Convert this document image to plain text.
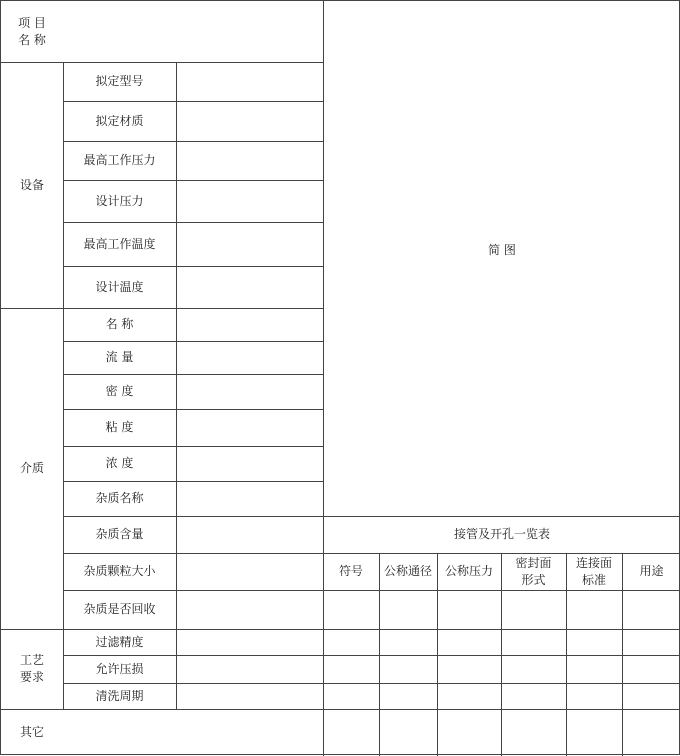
项 目
名 称
设备
介质
工艺
要求
其它
拟定型号
拟定材质
最高工作压力
设计压力
最高工作温度
设计温度
名 称
流 量
密 度
粘 度
浓 度
杂质名称
杂质含量
杂质颗粒大小
杂质是否回收
过滤精度
允许压损
清洗周期
简 图
接管及开孔一览表
符号	公称通径	公称压力
密封面
形式
连接面
标准
用途
